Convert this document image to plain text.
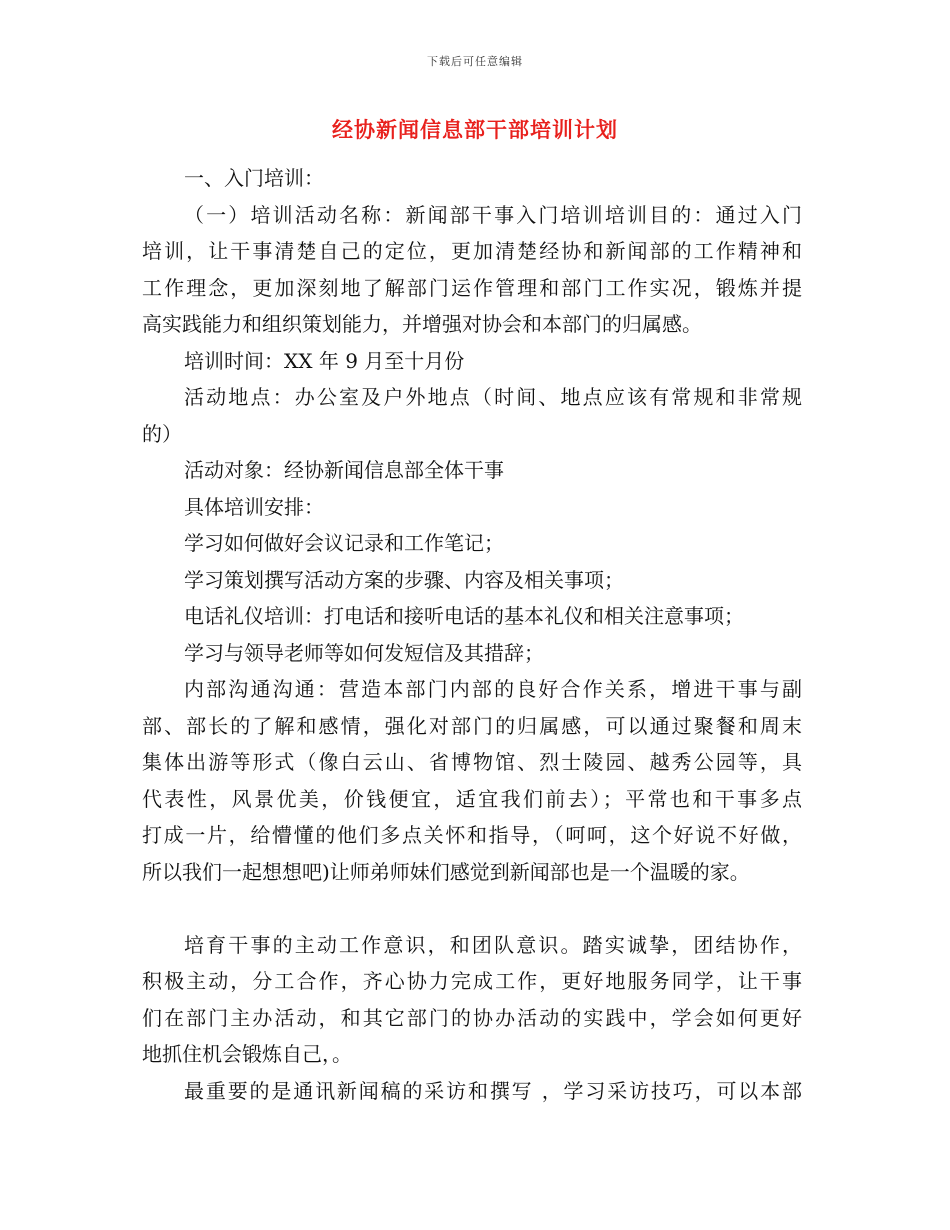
下载后可任意编辑
经协新闻信息部干部培训计划
一、入门培训：
（一）培训活动名称：新闻部干事入门培训培训目的：通过入门
培训，让干事清楚自己的定位，更加清楚经协和新闻部的工作精神和
工作理念，更加深刻地了解部门运作管理和部门工作实况，锻炼并提
高实践能力和组织策划能力，并增强对协会和本部门的归属感。
培训时间：XX 年 9 月至十月份
活动地点：办公室及户外地点（时间、地点应该有常规和非常规
的）
活动对象：经协新闻信息部全体干事
具体培训安排：
学习如何做好会议记录和工作笔记；
学习策划撰写活动方案的步骤、内容及相关事项；
电话礼仪培训：打电话和接听电话的基本礼仪和相关注意事项；
学习与领导老师等如何发短信及其措辞；
内部沟通沟通：营造本部门内部的良好合作关系，增进干事与副
部、部长的了解和感情，强化对部门的归属感，可以通过聚餐和周末
集体出游等形式（像白云山、省博物馆、烈士陵园、越秀公园等，具
代表性，风景优美，价钱便宜，适宜我们前去）；平常也和干事多点
打成一片，给懵懂的他们多点关怀和指导，（呵呵，这个好说不好做，
所以我们一起想想吧)让师弟师妹们感觉到新闻部也是一个温暖的家。
培育干事的主动工作意识，和团队意识。踏实诚挚，团结协作，
积极主动，分工合作，齐心协力完成工作，更好地服务同学，让干事
们在部门主办活动，和其它部门的协办活动的实践中，学会如何更好
地抓住机会锻炼自己，。
最重要的是通讯新闻稿的采访和撰写 ，学习采访技巧，可以本部
